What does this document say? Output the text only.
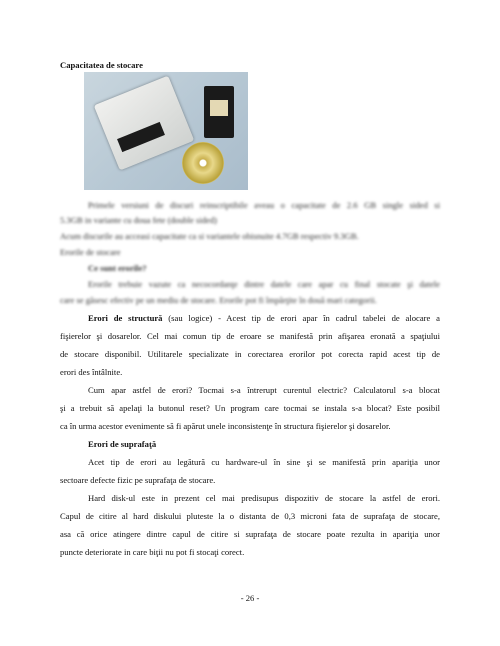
Capacitatea de stocare
Primele versiuni de discuri reinscriptibile aveau o capacitate de 2.6 GB single sided si
5.3GB in variante cu doua fete (double sided)
Acum discurile au acceasi capacitate ca si variantele obisnuite 4.7GB respectiv 9.3GB.
Erorile de stocare
Ce sunt erorile?
Erorile trebuie vazute ca necocordanţe dintre datele care apar cu final stocate şi datele
care se găsesc efectiv pe un mediu de stocare. Erorile pot fi împărţite în două mari categorii.
Erori de structură (sau logice) - Acest tip de erori apar în cadrul tabelei de alocare a
fişierelor şi dosarelor. Cel mai comun tip de eroare se manifestă prin afişarea eronată a spaţiului
de stocare disponibil. Utilitarele specializate in corectarea erorilor pot corecta rapid acest tip de
erori des întâlnite.
Cum apar astfel de erori? Tocmai s-a întrerupt curentul electric? Calculatorul s-a blocat
şi a trebuit să apelaţi la butonul reset? Un program care tocmai se instala s-a blocat? Este posibil
ca în urma acestor evenimente să fi apărut unele inconsistenţe în structura fişierelor şi dosarelor.
Erori de suprafaţă
Acet tip de erori au legătură cu hardware-ul în sine şi se manifestă prin apariţia unor
sectoare defecte fizic pe suprafaţa de stocare.
Hard disk-ul este in prezent cel mai predisupus dispozitiv de stocare la astfel de erori.
Capul de citire al hard diskului pluteste la o distanta de 0,3 microni fata de suprafaţa de stocare,
asa că orice atingere dintre capul de citire si suprafaţa de stocare poate rezulta in apariţia unor
puncte deteriorate in care biţii nu pot fi stocaţi corect.
- 26 -
